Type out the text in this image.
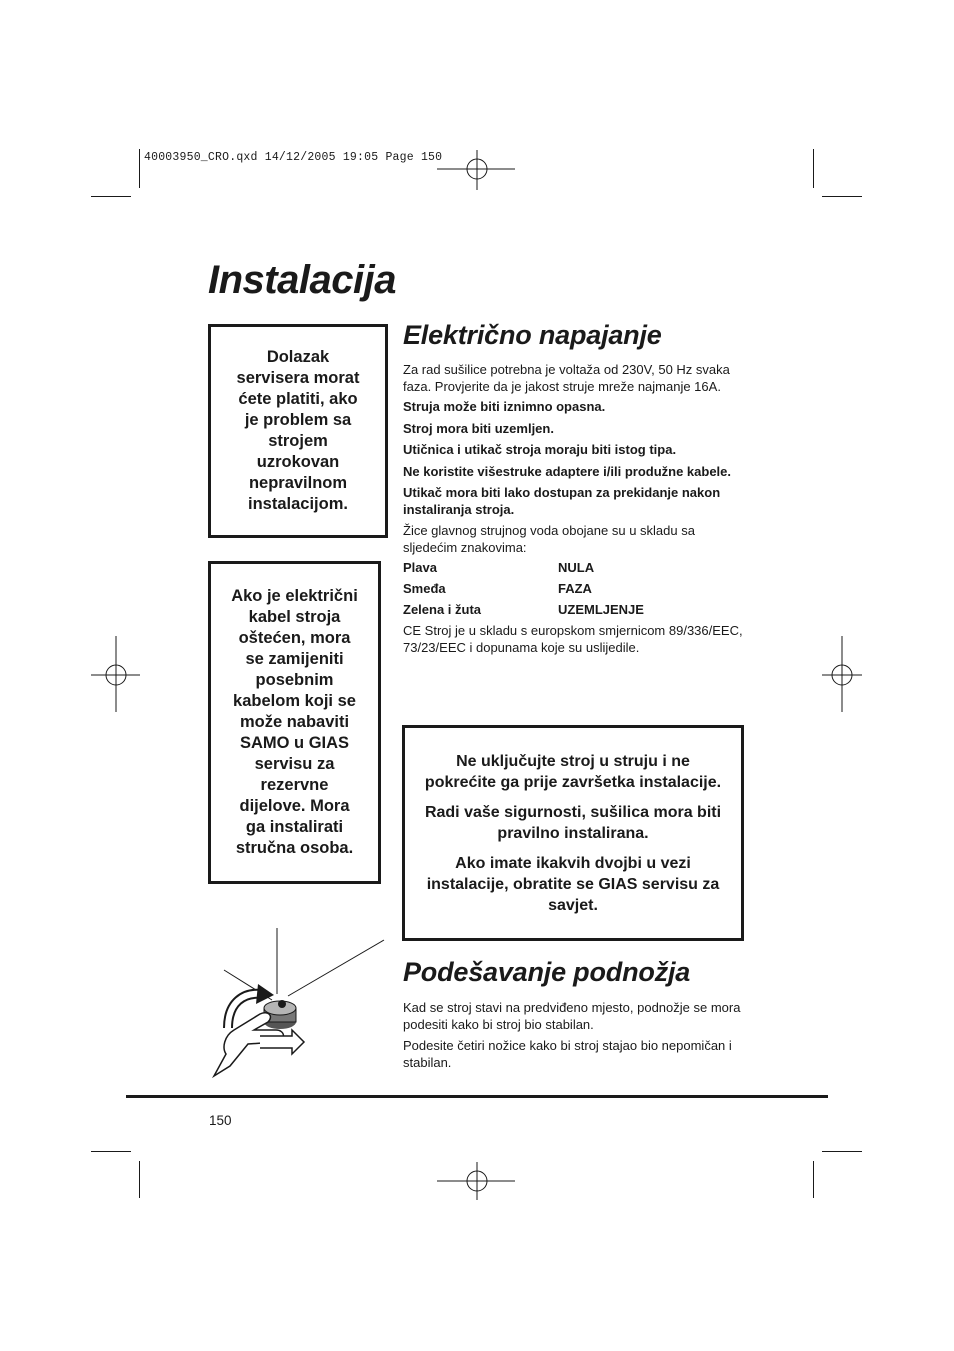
40003950_CRO.qxd 14/12/2005 19:05 Page 150
Instalacija

Dolazak

servisera morat

ćete platiti, ako

je problem sa

strojem

uzrokovan

nepravilnom

instalacijom.

Ako je električni

kabel stroja

oštećen, mora

se zamijeniti

posebnim

kabelom koji se

može nabaviti

SAMO u GIAS

servisu za

rezervne

dijelove. Mora

ga instalirati

stručna osoba.

Električno napajanje

Za rad sušilice potrebna je voltaža od 230V, 50 Hz svaka faza. Provjerite da je jakost struje mreže najmanje 16A.

Struja može biti iznimno opasna.

Stroj mora biti uzemljen.

Utičnica i utikač stroja moraju biti istog tipa.

Ne koristite višestruke adaptere i/ili produžne kabele.

Utikač mora biti lako dostupan za prekidanje nakon instaliranja stroja.

Žice glavnog strujnog voda obojane su u skladu sa sljedećim znakovima:

Plava	NULA
Smeđa	FAZA
Zelena i žuta	UZEMLJENJE

CE Stroj je u skladu s europskom smjernicom 89/336/EEC, 73/23/EEC i dopunama koje su uslijedile.

Ne uključujte stroj u struju i ne pokrećite ga prije završetka instalacije.

Radi vaše sigurnosti, sušilica mora biti pravilno instalirana.

Ako imate ikakvih dvojbi u vezi instalacije, obratite se GIAS servisu za savjet.

Podešavanje podnožja

Kad se stroj stavi na predviđeno mjesto, podnožje se mora podesiti kako bi stroj bio stabilan.

Podesite četiri nožice kako bi stroj stajao bio nepomičan i stabilan.

150
